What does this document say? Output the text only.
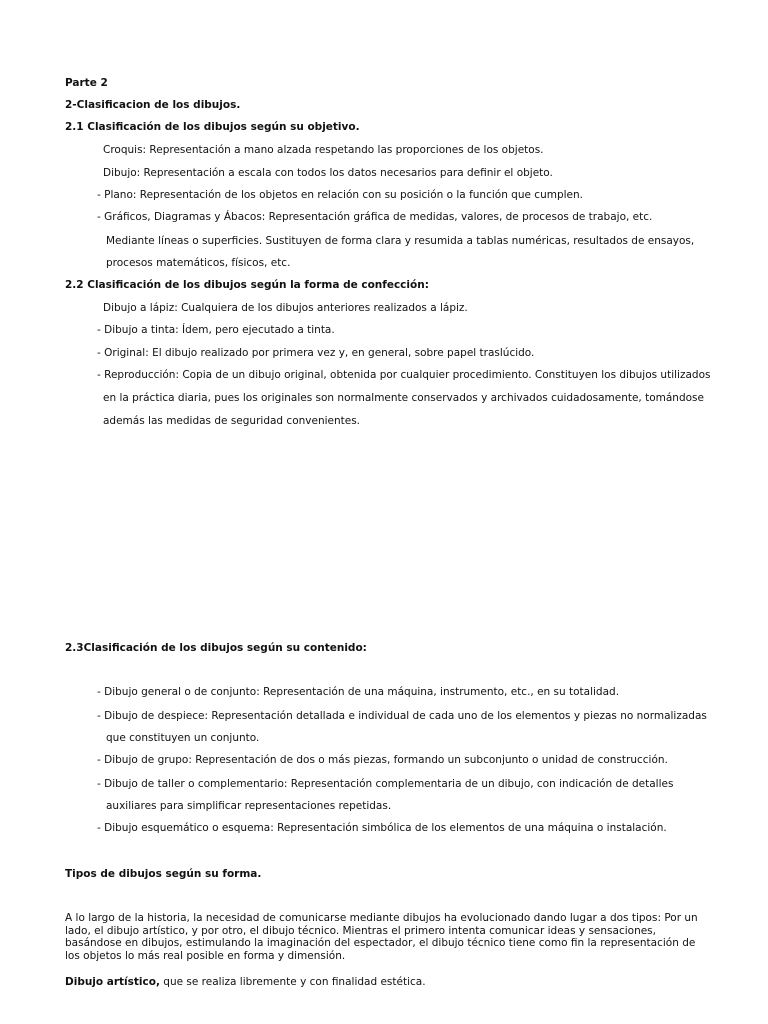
Parte 2
2-Clasificacion de los dibujos.
2.1 Clasificación de los dibujos según su objetivo.
Croquis: Representación a mano alzada respetando las proporciones de los objetos.
Dibujo: Representación a escala con todos los datos necesarios para definir el objeto.
- Plano: Representación de los objetos en relación con su posición o la función que cumplen.
- Gráficos, Diagramas y Ábacos: Representación gráfica de medidas, valores, de procesos de trabajo, etc.
Mediante líneas o superficies. Sustituyen de forma clara y resumida a tablas numéricas, resultados de ensayos,
procesos matemáticos, físicos, etc.
2.2 Clasificación de los dibujos según la forma de confección:
Dibujo a lápiz: Cualquiera de los dibujos anteriores realizados a lápiz.
- Dibujo a tinta: Ídem, pero ejecutado a tinta.
- Original: El dibujo realizado por primera vez y, en general, sobre papel traslúcido.
- Reproducción: Copia de un dibujo original, obtenida por cualquier procedimiento. Constituyen los dibujos utilizados
en la práctica diaria, pues los originales son normalmente conservados y archivados cuidadosamente, tomándose
además las medidas de seguridad convenientes.
2.3Clasificación de los dibujos según su contenido:
- Dibujo general o de conjunto: Representación de una máquina, instrumento, etc., en su totalidad.
- Dibujo de despiece: Representación detallada e individual de cada uno de los elementos y piezas no normalizadas
que constituyen un conjunto.
- Dibujo de grupo: Representación de dos o más piezas, formando un subconjunto o unidad de construcción.
- Dibujo de taller o complementario: Representación complementaria de un dibujo, con indicación de detalles
auxiliares para simplificar representaciones repetidas.
- Dibujo esquemático o esquema: Representación simbólica de los elementos de una máquina o instalación.
Tipos de dibujos según su forma.
A lo largo de la historia, la necesidad de comunicarse mediante dibujos ha evolucionado dando lugar a dos tipos: Por un lado, el dibujo artístico, y por otro, el dibujo técnico. Mientras el primero intenta comunicar ideas y sensaciones, basándose en dibujos, estimulando la imaginación del espectador, el dibujo técnico tiene como fin la representación de los objetos lo más real posible en forma y dimensión.
Dibujo artístico, que se realiza libremente y con finalidad estética.
